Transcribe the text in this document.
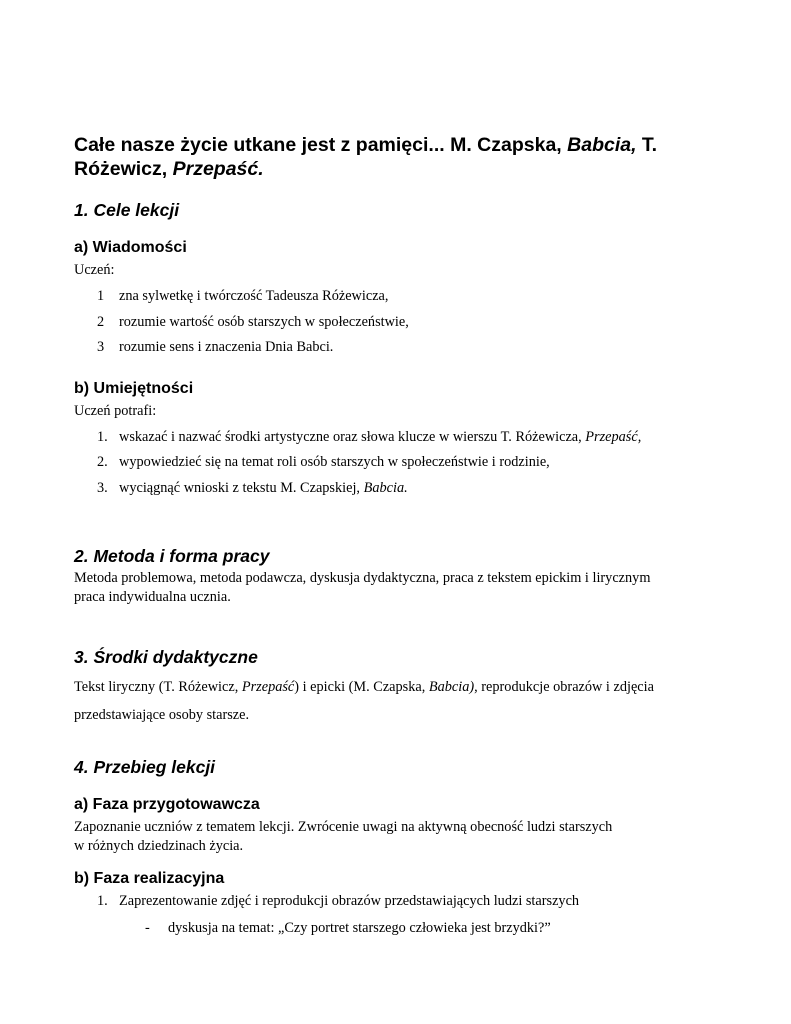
Całe nasze życie utkane jest z pamięci... M. Czapska, Babcia, T. Różewicz, Przepaść.
1. Cele lekcji
a) Wiadomości
Uczeń:
1 zna sylwetkę i twórczość Tadeusza Różewicza,
2 rozumie wartość osób starszych w społeczeństwie,
3 rozumie sens i znaczenia Dnia Babci.
b) Umiejętności
Uczeń potrafi:
1. wskazać i nazwać środki artystyczne oraz słowa klucze w wierszu T. Różewicza, Przepaść,
2. wypowiedzieć się na temat roli osób starszych w społeczeństwie i rodzinie,
3. wyciągnąć wnioski z tekstu M. Czapskiej, Babcia.
2. Metoda i forma pracy
Metoda problemowa, metoda podawcza, dyskusja dydaktyczna, praca z tekstem epickim i lirycznym
praca indywidualna ucznia.
3. Środki dydaktyczne
Tekst liryczny (T. Różewicz, Przepaść) i epicki (M. Czapska, Babcia), reprodukcje obrazów i zdjęcia
przedstawiające osoby starsze.
4. Przebieg lekcji
a) Faza przygotowawcza
Zapoznanie uczniów z tematem lekcji. Zwrócenie uwagi na aktywną obecność ludzi starszych
w różnych dziedzinach życia.
b) Faza realizacyjna
1. Zaprezentowanie zdjęć i reprodukcji obrazów przedstawiających ludzi starszych
- dyskusja na temat: „Czy portret starszego człowieka jest brzydki?”
